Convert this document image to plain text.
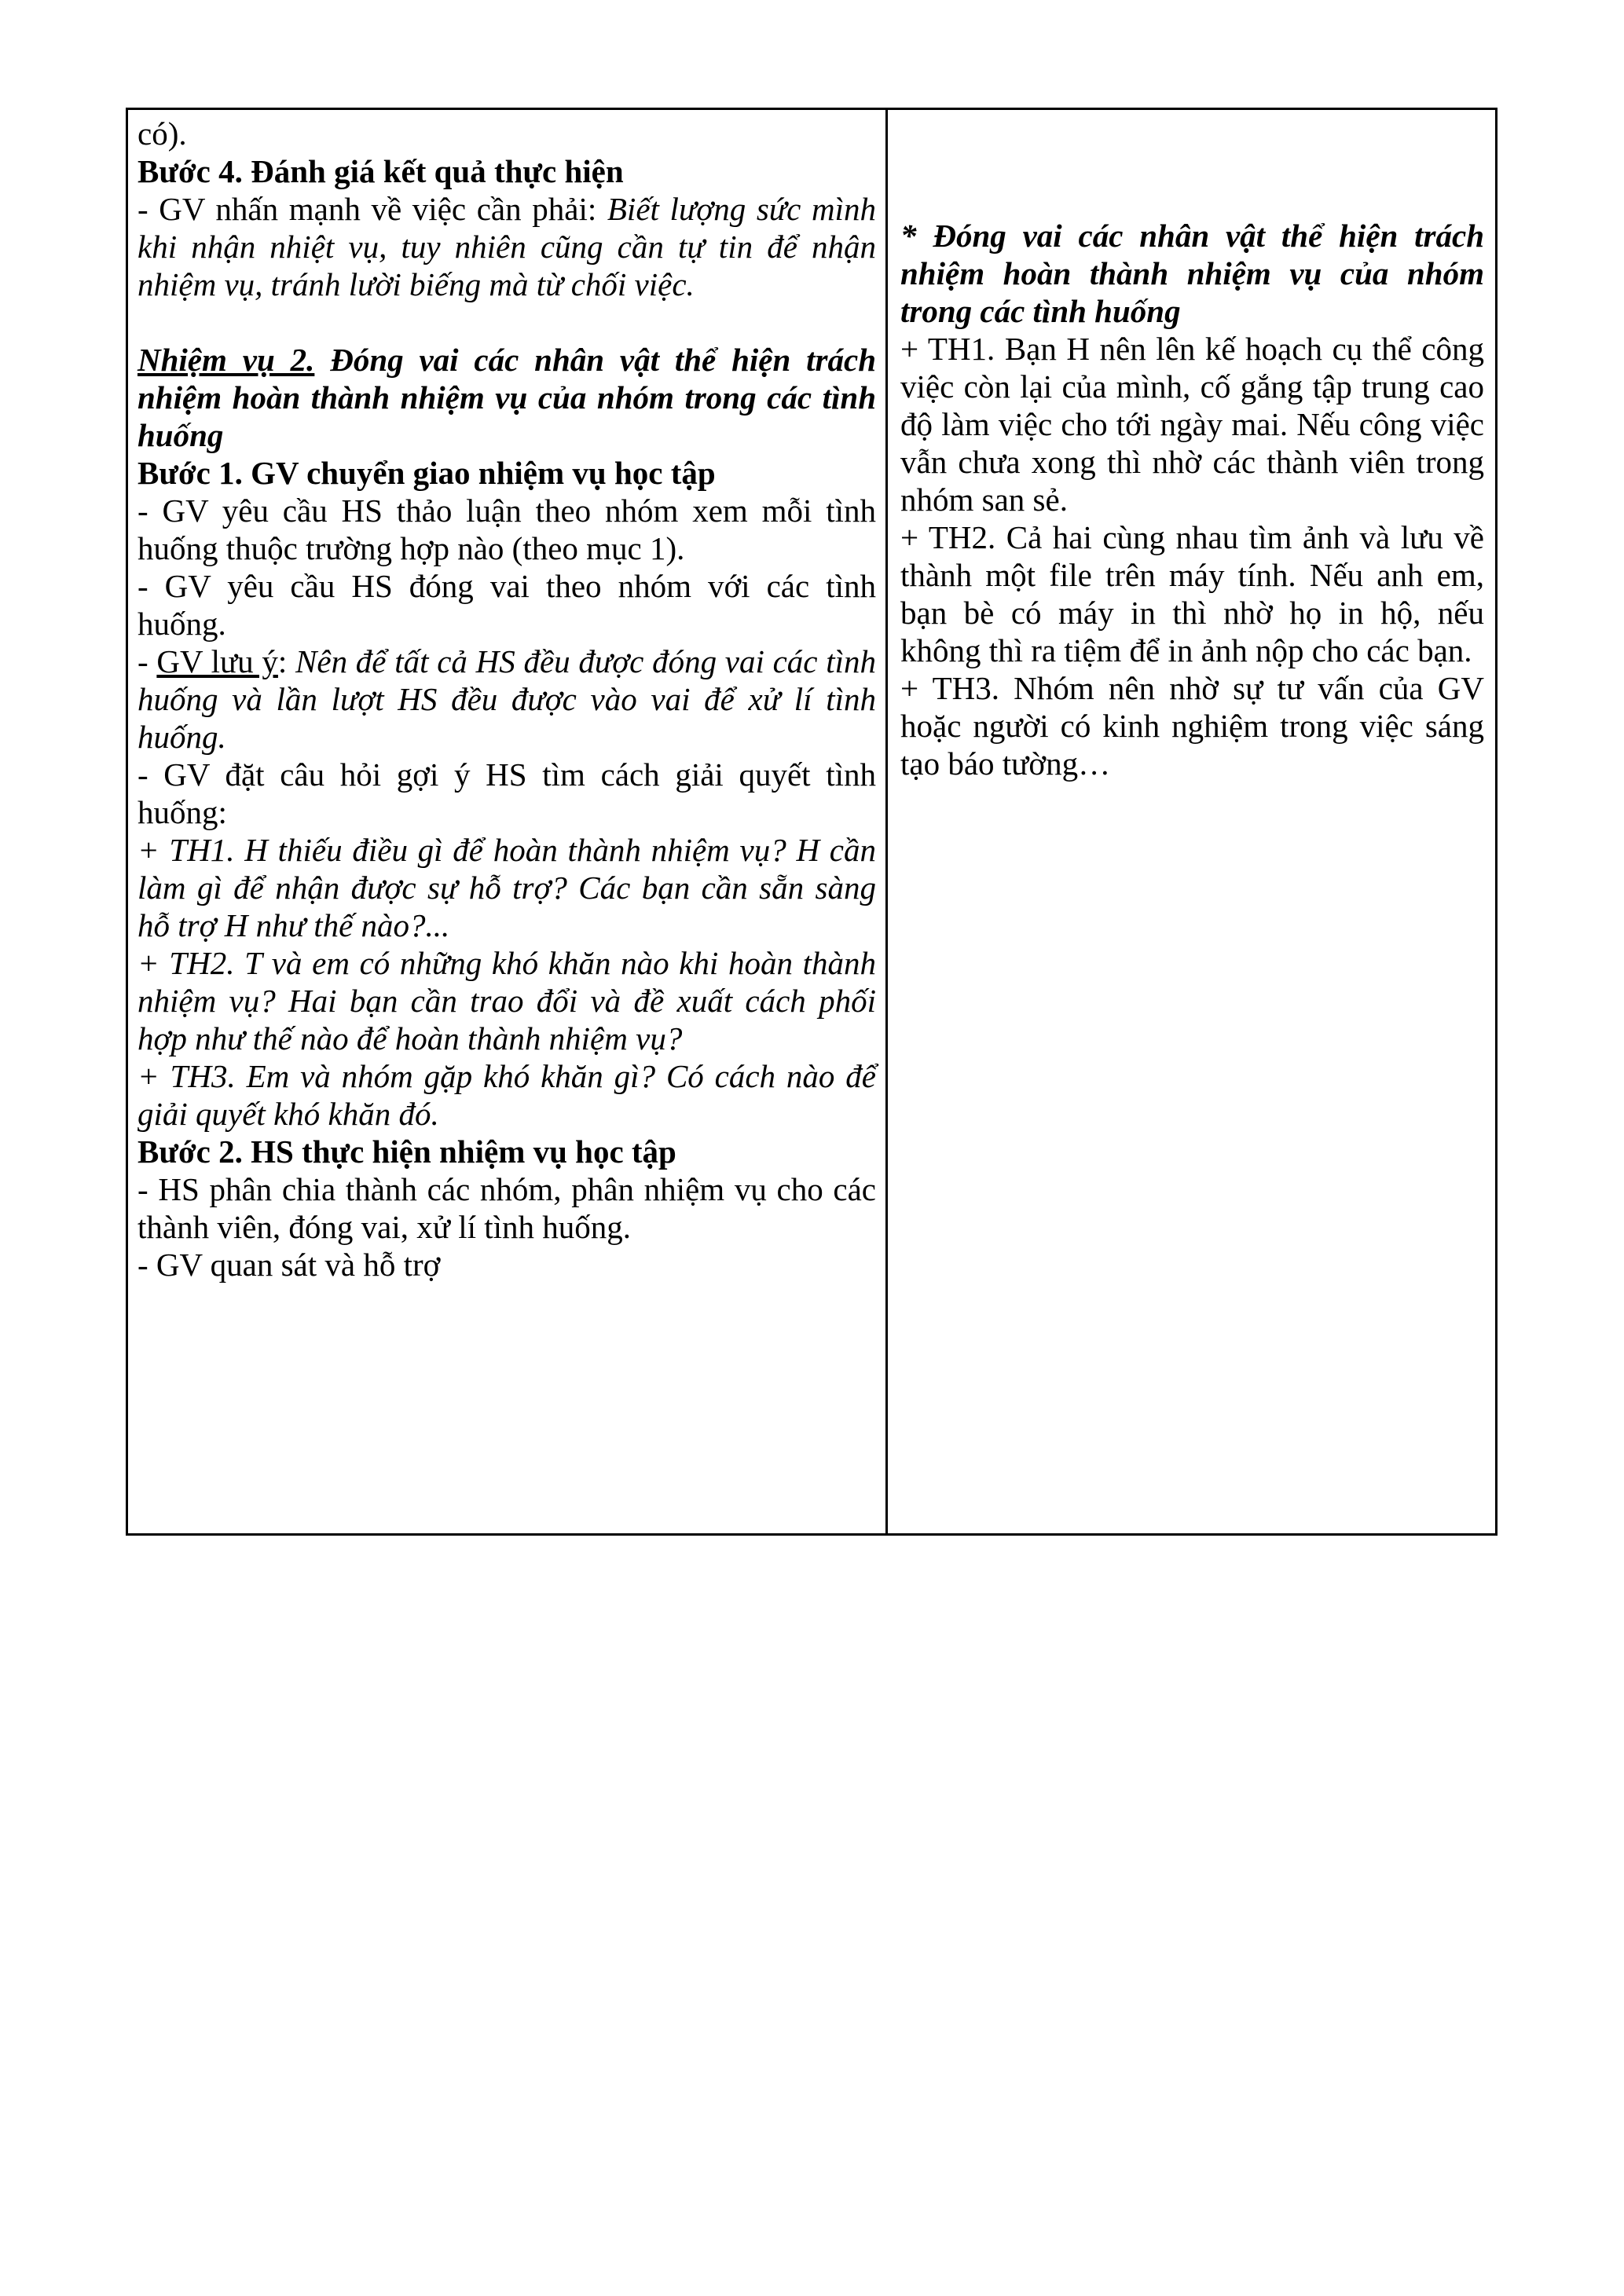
có).

Bước 4. Đánh giá kết quả thực hiện

- GV nhấn mạnh về việc cần phải: Biết lượng sức mình khi nhận nhiệt vụ, tuy nhiên cũng cần tự tin để nhận nhiệm vụ, tránh lười biếng mà từ chối việc.

Nhiệm vụ 2. Đóng vai các nhân vật thể hiện trách nhiệm hoàn thành nhiệm vụ của nhóm trong các tình huống

Bước 1. GV chuyển giao nhiệm vụ học tập

- GV yêu cầu HS thảo luận theo nhóm xem mỗi tình huống thuộc trường hợp nào (theo mục 1).

- GV yêu cầu HS đóng vai theo nhóm với các tình huống.

- GV lưu ý: Nên để tất cả HS đều được đóng vai các tình huống và lần lượt HS đều được vào vai để xử lí tình huống.

- GV đặt câu hỏi gợi ý HS tìm cách giải quyết tình huống:

+ TH1. H thiếu điều gì để hoàn thành nhiệm vụ? H cần làm gì để nhận được sự hỗ trợ? Các bạn cần sẵn sàng hỗ trợ H như thế nào?...

+ TH2. T và em có những khó khăn nào khi hoàn thành nhiệm vụ? Hai bạn cần trao đổi và đề xuất cách phối hợp như thế nào để hoàn thành nhiệm vụ?

+ TH3. Em và nhóm gặp khó khăn gì? Có cách nào để giải quyết khó khăn đó.

Bước 2. HS thực hiện nhiệm vụ học tập

- HS phân chia thành các nhóm, phân nhiệm vụ cho các thành viên, đóng vai, xử lí tình huống.

- GV quan sát và hỗ trợ

* Đóng vai các nhân vật thể hiện trách nhiệm hoàn thành nhiệm vụ của nhóm trong các tình huống

+ TH1. Bạn H nên lên kế hoạch cụ thể công việc còn lại của mình, cố gắng tập trung cao độ làm việc cho tới ngày mai. Nếu công việc vẫn chưa xong thì nhờ các thành viên trong nhóm san sẻ.

+ TH2. Cả hai cùng nhau tìm ảnh và lưu về thành một file trên máy tính. Nếu anh em, bạn bè có máy in thì nhờ họ in hộ, nếu không thì ra tiệm để in ảnh nộp cho các bạn.

+ TH3. Nhóm nên nhờ sự tư vấn của GV hoặc người có kinh nghiệm trong việc sáng tạo báo tường…
